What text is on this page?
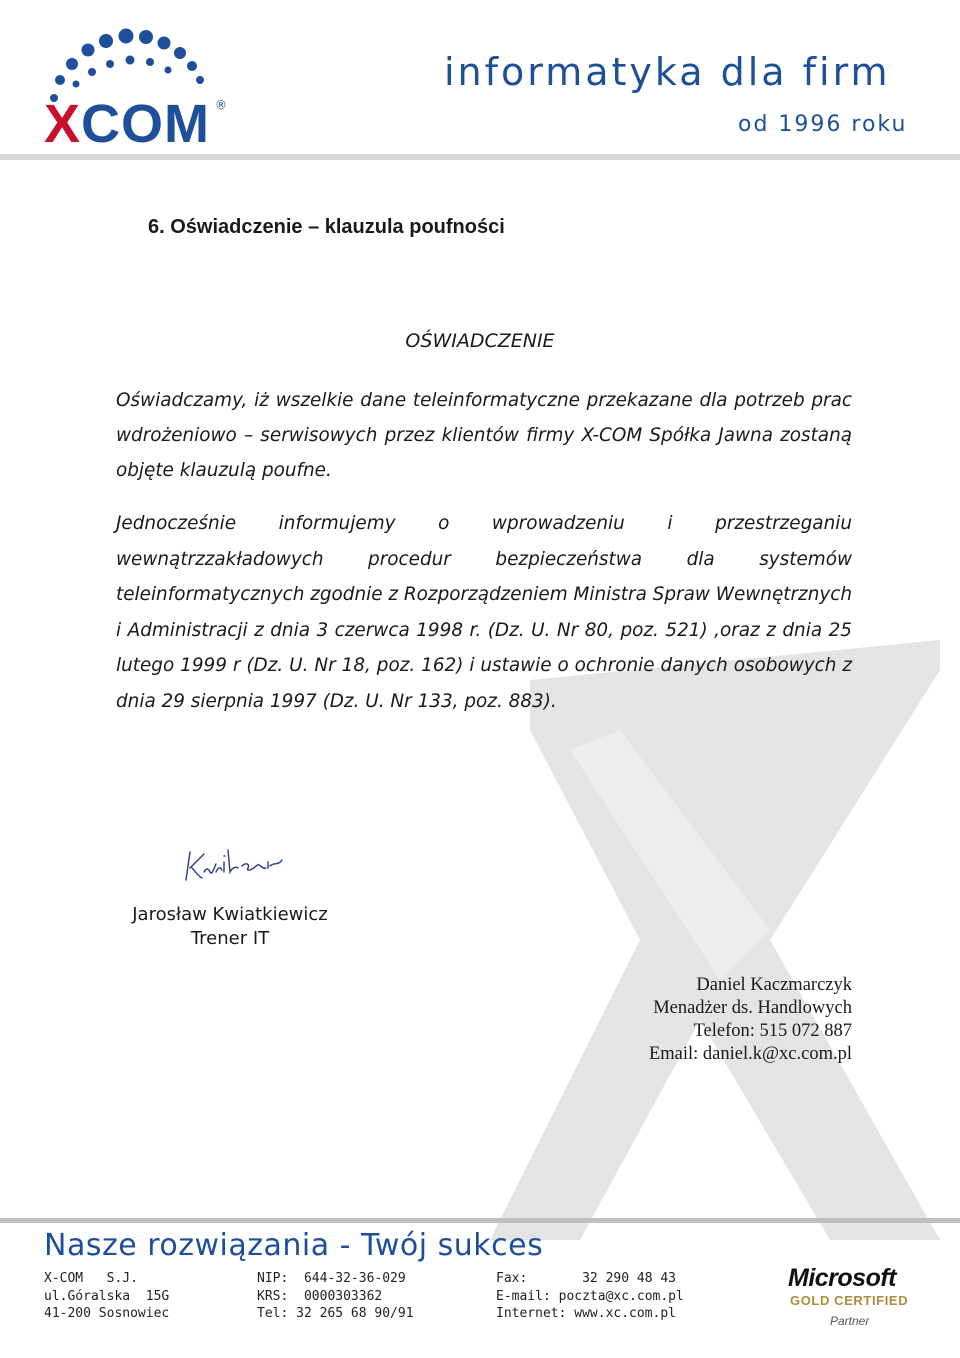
XCOM ®
informatyka dla firm
od 1996 roku
6. Oświadczenie – klauzula poufności
OŚWIADCZENIE
Oświadczamy, iż wszelkie dane teleinformatyczne przekazane dla potrzeb prac wdrożeniowo – serwisowych przez klientów firmy X-COM Spółka Jawna zostaną objęte klauzulą poufne.
Jednocześnie informujemy o wprowadzeniu i przestrzeganiu wewnątrzzakładowych procedur bezpieczeństwa dla systemów teleinformatycznych zgodnie z Rozporządzeniem Ministra Spraw Wewnętrznych i Administracji z dnia 3 czerwca 1998 r. (Dz. U. Nr 80, poz. 521) ,oraz z dnia 25 lutego 1999 r (Dz. U. Nr 18, poz. 162) i ustawie o ochronie danych osobowych z dnia 29 sierpnia 1997 (Dz. U. Nr 133, poz. 883).
Jarosław Kwiatkiewicz
Trener IT
Daniel Kaczmarczyk
Menadżer ds. Handlowych
Telefon: 515 072 887
Email: daniel.k@xc.com.pl
Nasze rozwiązania - Twój sukces
X-COM   S.J.
ul.Góralska  15G
41-200 Sosnowiec
NIP:  644-32-36-029
KRS:  0000303362
Tel: 32 265 68 90/91
Fax:       32 290 48 43
E-mail: poczta@xc.com.pl
Internet: www.xc.com.pl
Microsoft
GOLD CERTIFIED
Partner
